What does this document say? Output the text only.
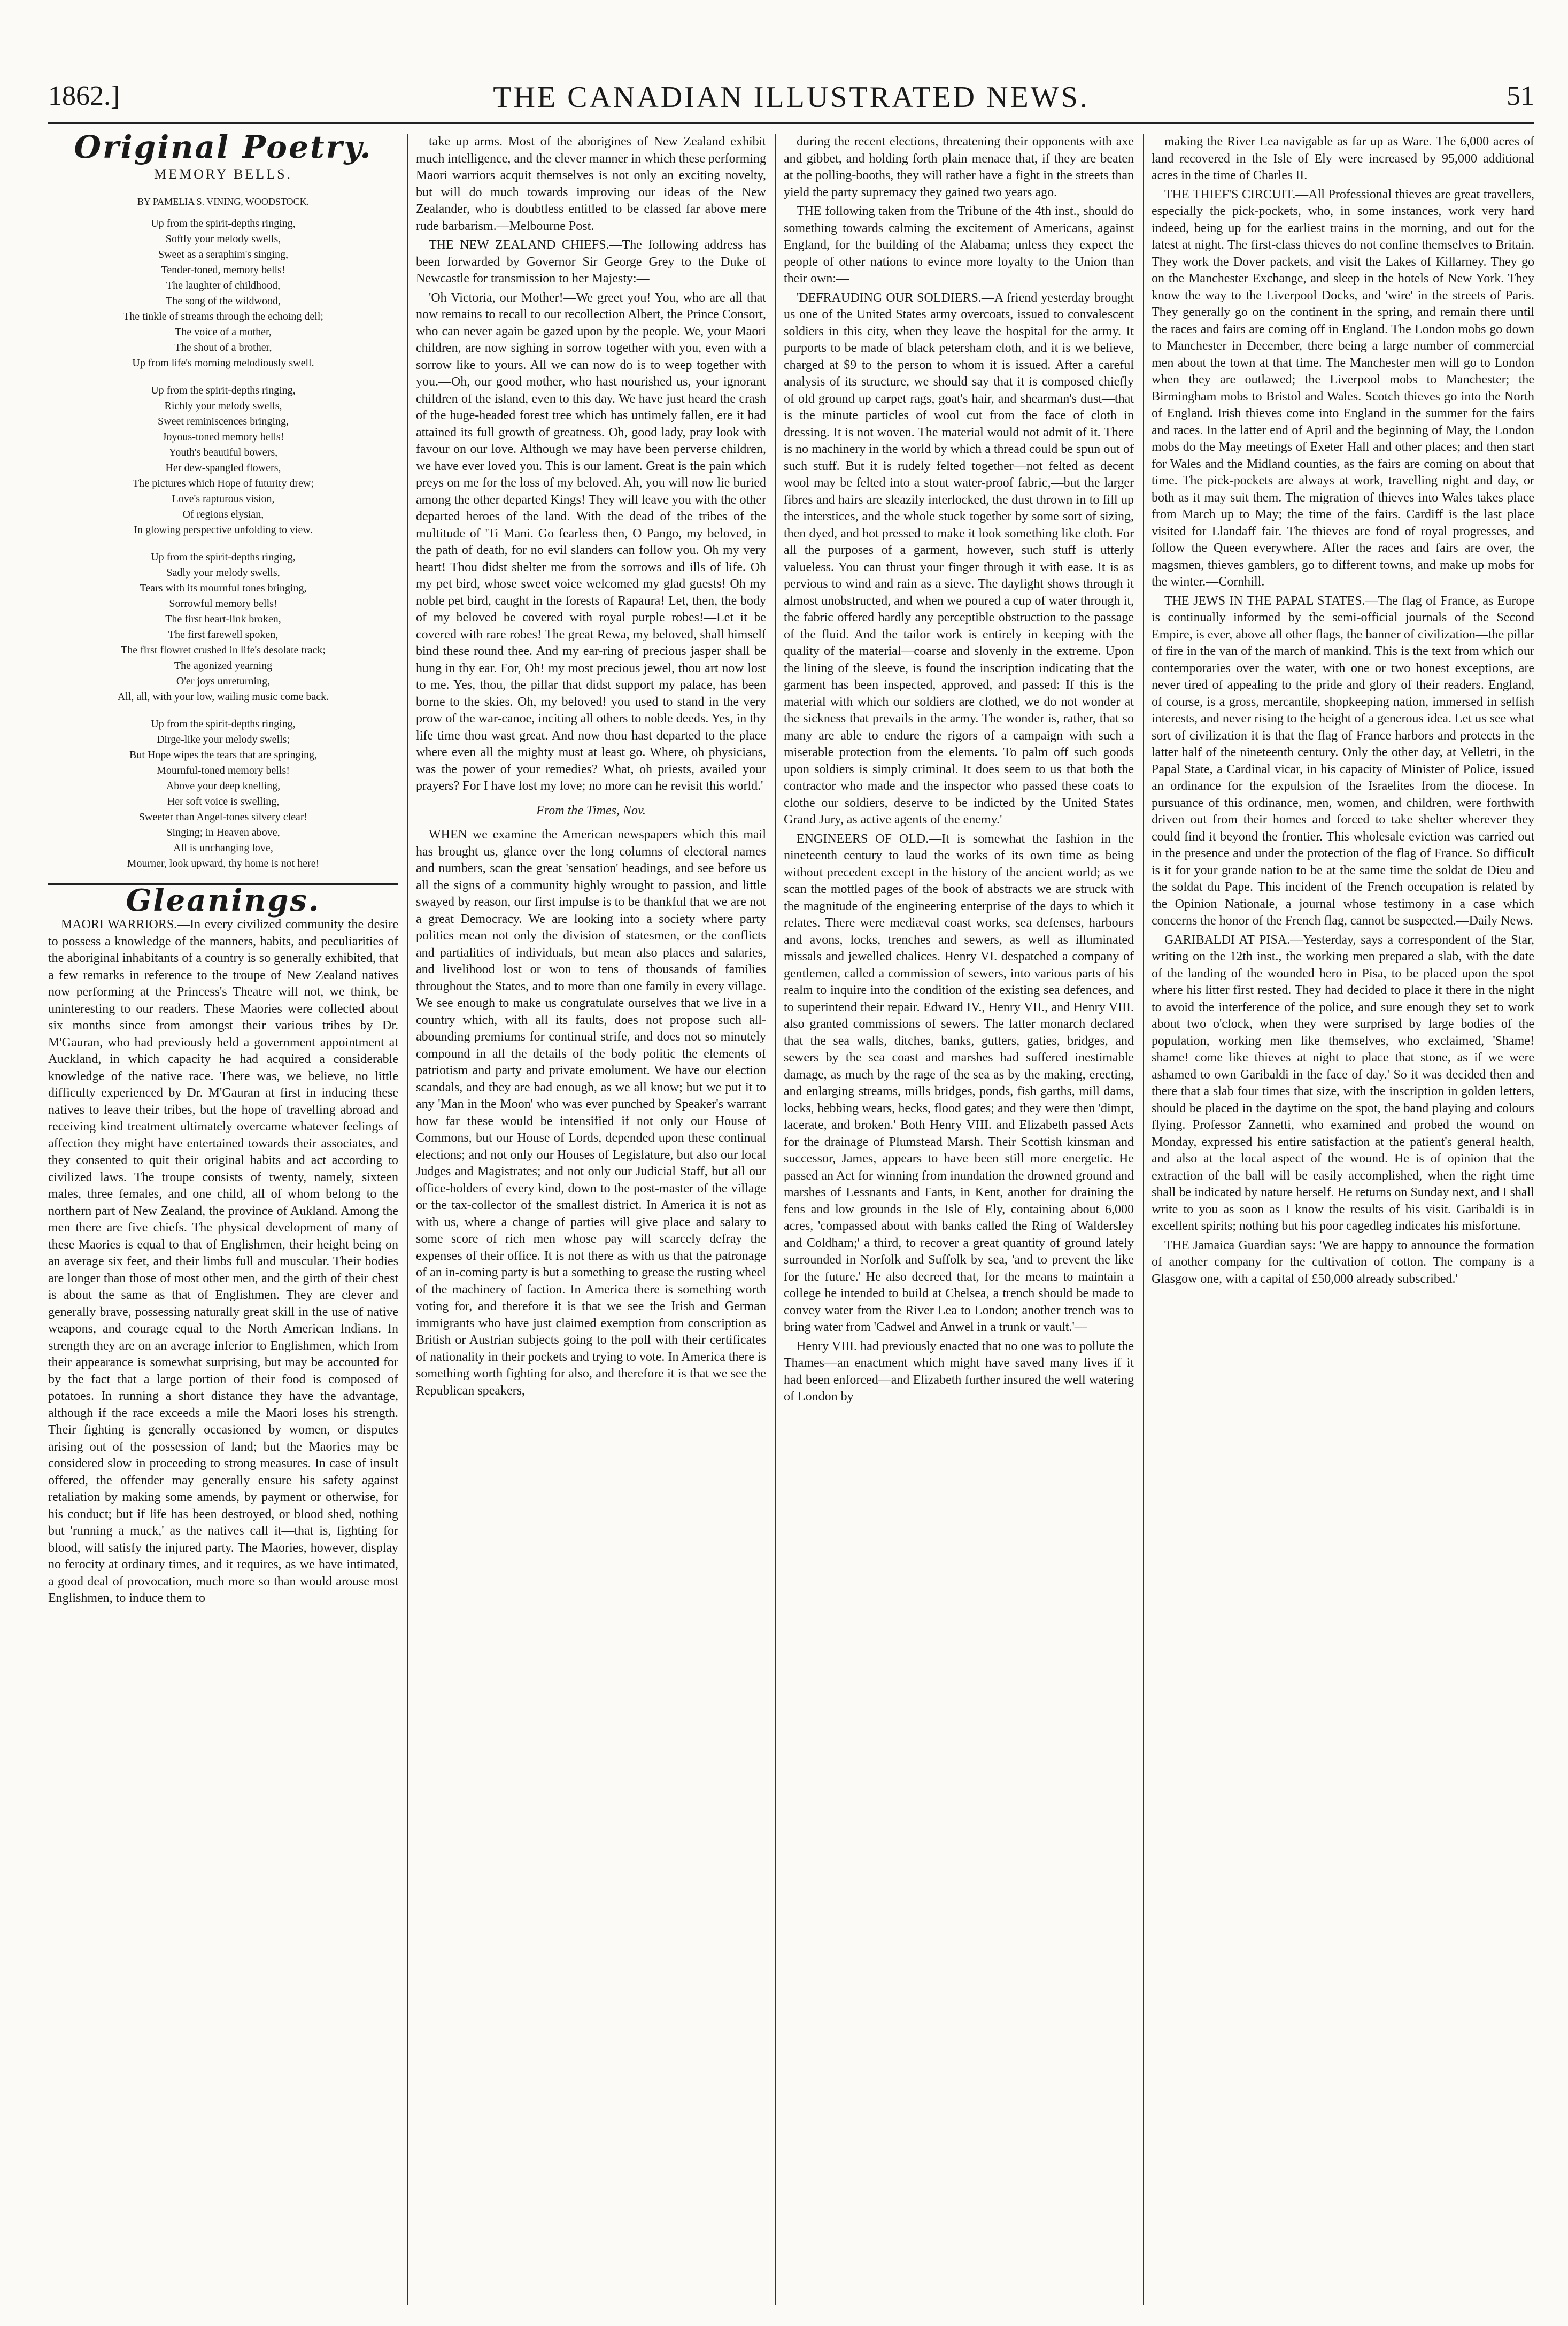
1862.]	THE CANADIAN ILLUSTRATED NEWS.	51
Original Poetry.
MEMORY BELLS.
BY PAMELIA S. VINING, WOODSTOCK.
Up from the spirit-depths ringing,
Softly your melody swells,
Sweet as a seraphim's singing,
Tender-toned, memory bells!
The laughter of childhood,
The song of the wildwood,
The tinkle of streams through the echoing dell;
The voice of a mother,
The shout of a brother,
Up from life's morning melodiously swell.
Up from the spirit-depths ringing,
Richly your melody swells,
Sweet reminiscences bringing,
Joyous-toned memory bells!
Youth's beautiful bowers,
Her dew-spangled flowers,
The pictures which Hope of futurity drew;
Love's rapturous vision,
Of regions elysian,
In glowing perspective unfolding to view.
Up from the spirit-depths ringing,
Sadly your melody swells,
Tears with its mournful tones bringing,
Sorrowful memory bells!
The first heart-link broken,
The first farewell spoken,
The first flowret crushed in life's desolate track;
The agonized yearning
O'er joys unreturning,
All, all, with your low, wailing music come back.
Up from the spirit-depths ringing,
Dirge-like your melody swells;
But Hope wipes the tears that are springing,
Mournful-toned memory bells!
Above your deep knelling,
Her soft voice is swelling,
Sweeter than Angel-tones silvery clear!
Singing; in Heaven above,
All is unchanging love,
Mourner, look upward, thy home is not here!
Gleanings.

MAORI WARRIORS.—In every civilized community the desire to possess a knowledge of the manners, habits, and peculiarities of the aboriginal inhabitants of a country is so generally exhibited, that a few remarks in reference to the troupe of New Zealand natives now performing at the Princess's Theatre will not, we think, be uninteresting to our readers. These Maories were collected about six months since from amongst their various tribes by Dr. M'Gauran, who had previously held a government appointment at Auckland, in which capacity he had acquired a considerable knowledge of the native race. There was, we believe, no little difficulty experienced by Dr. M'Gauran at first in inducing these natives to leave their tribes, but the hope of travelling abroad and receiving kind treatment ultimately overcame whatever feelings of affection they might have entertained towards their associates, and they consented to quit their original habits and act according to civilized laws. The troupe consists of twenty, namely, sixteen males, three females, and one child, all of whom belong to the northern part of New Zealand, the province of Aukland. Among the men there are five chiefs. The physical development of many of these Maories is equal to that of Englishmen, their height being on an average six feet, and their limbs full and muscular. Their bodies are longer than those of most other men, and the girth of their chest is about the same as that of Englishmen. They are clever and generally brave, possessing naturally great skill in the use of native weapons, and courage equal to the North American Indians. In strength they are on an average inferior to Englishmen, which from their appearance is somewhat surprising, but may be accounted for by the fact that a large portion of their food is composed of potatoes. In running a short distance they have the advantage, although if the race exceeds a mile the Maori loses his strength. Their fighting is generally occasioned by women, or disputes arising out of the possession of land; but the Maories may be considered slow in proceeding to strong measures. In case of insult offered, the offender may generally ensure his safety against retaliation by making some amends, by payment or otherwise, for his conduct; but if life has been destroyed, or blood shed, nothing but 'running a muck,' as the natives call it—that is, fighting for blood, will satisfy the injured party. The Maories, however, display no ferocity at ordinary times, and it requires, as we have intimated, a good deal of provocation, much more so than would arouse most Englishmen, to induce them to

take up arms. Most of the aborigines of New Zealand exhibit much intelligence, and the clever manner in which these performing Maori warriors acquit themselves is not only an exciting novelty, but will do much towards improving our ideas of the New Zealander, who is doubtless entitled to be classed far above mere rude barbarism.—Melbourne Post.

THE NEW ZEALAND CHIEFS.—The following address has been forwarded by Governor Sir George Grey to the Duke of Newcastle for transmission to her Majesty:—

'Oh Victoria, our Mother!—We greet you! You, who are all that now remains to recall to our recollection Albert, the Prince Consort, who can never again be gazed upon by the people. We, your Maori children, are now sighing in sorrow together with you, even with a sorrow like to yours. All we can now do is to weep together with you.—Oh, our good mother, who hast nourished us, your ignorant children of the island, even to this day. We have just heard the crash of the huge-headed forest tree which has untimely fallen, ere it had attained its full growth of greatness. Oh, good lady, pray look with favour on our love. Although we may have been perverse children, we have ever loved you. This is our lament. Great is the pain which preys on me for the loss of my beloved. Ah, you will now lie buried among the other departed Kings! They will leave you with the other departed heroes of the land. With the dead of the tribes of the multitude of 'Ti Mani. Go fearless then, O Pango, my beloved, in the path of death, for no evil slanders can follow you. Oh my very heart! Thou didst shelter me from the sorrows and ills of life. Oh my pet bird, whose sweet voice welcomed my glad guests! Oh my noble pet bird, caught in the forests of Rapaura! Let, then, the body of my beloved be covered with royal purple robes!—Let it be covered with rare robes! The great Rewa, my beloved, shall himself bind these round thee. And my ear-ring of precious jasper shall be hung in thy ear. For, Oh! my most precious jewel, thou art now lost to me. Yes, thou, the pillar that didst support my palace, has been borne to the skies. Oh, my beloved! you used to stand in the very prow of the war-canoe, inciting all others to noble deeds. Yes, in thy life time thou wast great. And now thou hast departed to the place where even all the mighty must at least go. Where, oh physicians, was the power of your remedies? What, oh priests, availed your prayers? For I have lost my love; no more can he revisit this world.'

From the Times, Nov.

WHEN we examine the American newspapers which this mail has brought us, glance over the long columns of electoral names and numbers, scan the great 'sensation' headings, and see before us all the signs of a community highly wrought to passion, and little swayed by reason, our first impulse is to be thankful that we are not a great Democracy. We are looking into a society where party politics mean not only the division of statesmen, or the conflicts and partialities of individuals, but mean also places and salaries, and livelihood lost or won to tens of thousands of families throughout the States, and to more than one family in every village. We see enough to make us congratulate ourselves that we live in a country which, with all its faults, does not propose such all-abounding premiums for continual strife, and does not so minutely compound in all the details of the body politic the elements of patriotism and party and private emolument. We have our election scandals, and they are bad enough, as we all know; but we put it to any 'Man in the Moon' who was ever punched by Speaker's warrant how far these would be intensified if not only our House of Commons, but our House of Lords, depended upon these continual elections; and not only our Houses of Legislature, but also our local Judges and Magistrates; and not only our Judicial Staff, but all our office-holders of every kind, down to the post-master of the village or the tax-collector of the smallest district. In America it is not as with us, where a change of parties will give place and salary to some score of rich men whose pay will scarcely defray the expenses of their office. It is not there as with us that the patronage of an in-coming party is but a something to grease the rusting wheel of the machinery of faction. In America there is something worth voting for, and therefore it is that we see the Irish and German immigrants who have just claimed exemption from conscription as British or Austrian subjects going to the poll with their certificates of nationality in their pockets and trying to vote. In America there is something worth fighting for also, and therefore it is that we see the Republican speakers,

during the recent elections, threatening their opponents with axe and gibbet, and holding forth plain menace that, if they are beaten at the polling-booths, they will rather have a fight in the streets than yield the party supremacy they gained two years ago.

THE following taken from the Tribune of the 4th inst., should do something towards calming the excitement of Americans, against England, for the building of the Alabama; unless they expect the people of other nations to evince more loyalty to the Union than their own:—

'DEFRAUDING OUR SOLDIERS.—A friend yesterday brought us one of the United States army overcoats, issued to convalescent soldiers in this city, when they leave the hospital for the army. It purports to be made of black petersham cloth, and it is we believe, charged at $9 to the person to whom it is issued. After a careful analysis of its structure, we should say that it is composed chiefly of old ground up carpet rags, goat's hair, and shearman's dust—that is the minute particles of wool cut from the face of cloth in dressing. It is not woven. The material would not admit of it. There is no machinery in the world by which a thread could be spun out of such stuff. But it is rudely felted together—not felted as decent wool may be felted into a stout water-proof fabric,—but the larger fibres and hairs are sleazily interlocked, the dust thrown in to fill up the interstices, and the whole stuck together by some sort of sizing, then dyed, and hot pressed to make it look something like cloth. For all the purposes of a garment, however, such stuff is utterly valueless. You can thrust your finger through it with ease. It is as pervious to wind and rain as a sieve. The daylight shows through it almost unobstructed, and when we poured a cup of water through it, the fabric offered hardly any perceptible obstruction to the passage of the fluid. And the tailor work is entirely in keeping with the quality of the material—coarse and slovenly in the extreme. Upon the lining of the sleeve, is found the inscription indicating that the garment has been inspected, approved, and passed: If this is the material with which our soldiers are clothed, we do not wonder at the sickness that prevails in the army. The wonder is, rather, that so many are able to endure the rigors of a campaign with such a miserable protection from the elements. To palm off such goods upon soldiers is simply criminal. It does seem to us that both the contractor who made and the inspector who passed these coats to clothe our soldiers, deserve to be indicted by the United States Grand Jury, as active agents of the enemy.'

ENGINEERS OF OLD.—It is somewhat the fashion in the nineteenth century to laud the works of its own time as being without precedent except in the history of the ancient world; as we scan the mottled pages of the book of abstracts we are struck with the magnitude of the engineering enterprise of the days to which it relates. There were mediæval coast works, sea defenses, harbours and avons, locks, trenches and sewers, as well as illuminated missals and jewelled chalices. Henry VI. despatched a company of gentlemen, called a commission of sewers, into various parts of his realm to inquire into the condition of the existing sea defences, and to superintend their repair. Edward IV., Henry VII., and Henry VIII. also granted commissions of sewers. The latter monarch declared that the sea walls, ditches, banks, gutters, gaties, bridges, and sewers by the sea coast and marshes had suffered inestimable damage, as much by the rage of the sea as by the making, erecting, and enlarging streams, mills bridges, ponds, fish garths, mill dams, locks, hebbing wears, hecks, flood gates; and they were then 'dimpt, lacerate, and broken.' Both Henry VIII. and Elizabeth passed Acts for the drainage of Plumstead Marsh. Their Scottish kinsman and successor, James, appears to have been still more energetic. He passed an Act for winning from inundation the drowned ground and marshes of Lessnants and Fants, in Kent, another for draining the fens and low grounds in the Isle of Ely, containing about 6,000 acres, 'compassed about with banks called the Ring of Waldersley and Coldham;' a third, to recover a great quantity of ground lately surrounded in Norfolk and Suffolk by sea, 'and to prevent the like for the future.' He also decreed that, for the means to maintain a college he intended to build at Chelsea, a trench should be made to convey water from the River Lea to London; another trench was to bring water from 'Cadwel and Anwel in a trunk or vault.'—

Henry VIII. had previously enacted that no one was to pollute the Thames—an enactment which might have saved many lives if it had been enforced—and Elizabeth further insured the well watering of London by

making the River Lea navigable as far up as Ware. The 6,000 acres of land recovered in the Isle of Ely were increased by 95,000 additional acres in the time of Charles II.

THE THIEF'S CIRCUIT.—All Professional thieves are great travellers, especially the pick-pockets, who, in some instances, work very hard indeed, being up for the earliest trains in the morning, and out for the latest at night. The first-class thieves do not confine themselves to Britain. They work the Dover packets, and visit the Lakes of Killarney. They go on the Manchester Exchange, and sleep in the hotels of New York. They know the way to the Liverpool Docks, and 'wire' in the streets of Paris. They generally go on the continent in the spring, and remain there until the races and fairs are coming off in England. The London mobs go down to Manchester in December, there being a large number of commercial men about the town at that time. The Manchester men will go to London when they are outlawed; the Liverpool mobs to Manchester; the Birmingham mobs to Bristol and Wales. Scotch thieves go into the North of England. Irish thieves come into England in the summer for the fairs and races. In the latter end of April and the beginning of May, the London mobs do the May meetings of Exeter Hall and other places; and then start for Wales and the Midland counties, as the fairs are coming on about that time. The pick-pockets are always at work, travelling night and day, or both as it may suit them. The migration of thieves into Wales takes place from March up to May; the time of the fairs. Cardiff is the last place visited for Llandaff fair. The thieves are fond of royal progresses, and follow the Queen everywhere. After the races and fairs are over, the magsmen, thieves gamblers, go to different towns, and make up mobs for the winter.—Cornhill.

THE JEWS IN THE PAPAL STATES.—The flag of France, as Europe is continually informed by the semi-official journals of the Second Empire, is ever, above all other flags, the banner of civilization—the pillar of fire in the van of the march of mankind. This is the text from which our contemporaries over the water, with one or two honest exceptions, are never tired of appealing to the pride and glory of their readers. England, of course, is a gross, mercantile, shopkeeping nation, immersed in selfish interests, and never rising to the height of a generous idea. Let us see what sort of civilization it is that the flag of France harbors and protects in the latter half of the nineteenth century. Only the other day, at Velletri, in the Papal State, a Cardinal vicar, in his capacity of Minister of Police, issued an ordinance for the expulsion of the Israelites from the diocese. In pursuance of this ordinance, men, women, and children, were forthwith driven out from their homes and forced to take shelter wherever they could find it beyond the frontier. This wholesale eviction was carried out in the presence and under the protection of the flag of France. So difficult is it for your grande nation to be at the same time the soldat de Dieu and the soldat du Pape. This incident of the French occupation is related by the Opinion Nationale, a journal whose testimony in a case which concerns the honor of the French flag, cannot be suspected.—Daily News.

GARIBALDI AT PISA.—Yesterday, says a correspondent of the Star, writing on the 12th inst., the working men prepared a slab, with the date of the landing of the wounded hero in Pisa, to be placed upon the spot where his litter first rested. They had decided to place it there in the night to avoid the interference of the police, and sure enough they set to work about two o'clock, when they were surprised by large bodies of the population, working men like themselves, who exclaimed, 'Shame! shame! come like thieves at night to place that stone, as if we were ashamed to own Garibaldi in the face of day.' So it was decided then and there that a slab four times that size, with the inscription in golden letters, should be placed in the daytime on the spot, the band playing and colours flying. Professor Zannetti, who examined and probed the wound on Monday, expressed his entire satisfaction at the patient's general health, and also at the local aspect of the wound. He is of opinion that the extraction of the ball will be easily accomplished, when the right time shall be indicated by nature herself. He returns on Sunday next, and I shall write to you as soon as I know the results of his visit. Garibaldi is in excellent spirits; nothing but his poor cagedleg indicates his misfortune.

THE Jamaica Guardian says: 'We are happy to announce the formation of another company for the cultivation of cotton. The company is a Glasgow one, with a capital of £50,000 already subscribed.'
